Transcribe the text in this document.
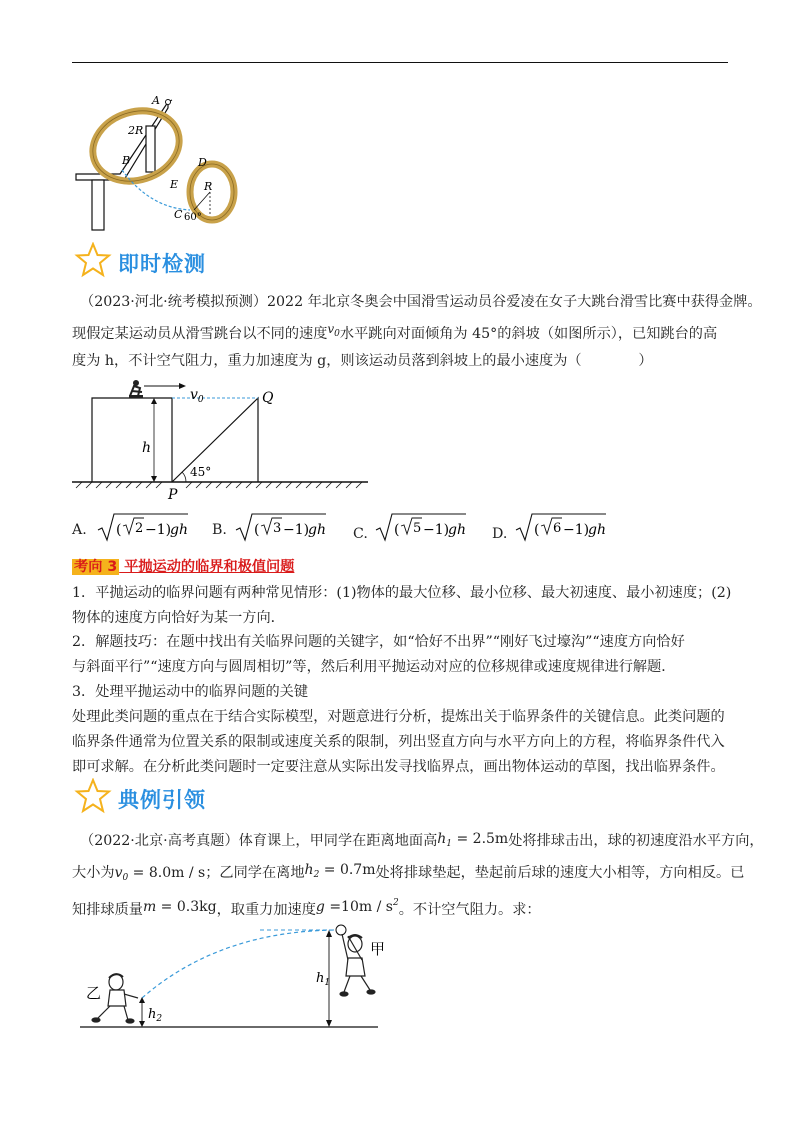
A
2R
B	D
E R
C 60°
即时检测
（2023·河北·统考模拟预测）2022 年北京冬奥会中国滑雪运动员谷爱凌在女子大跳台滑雪比赛中获得金牌。
现假定某运动员从滑雪跳台以不同的速度$^{v_0}$水平跳向对面倾角为 45°的斜坡（如图所示），已知跳台的高
度为 h，不计空气阻力，重力加速度为 g，则该运动员落到斜坡上的最小速度为（　　　　）
$v_0$	Q
h
45°
P
A. ( 2 −1)
gh B. ( 3 −1)
gh C. ( 5 −1)
gh D. ( 6 −1)
gh
考向 3 平抛运动的临界和极值问题
1．平抛运动的临界问题有两种常见情形：(1)物体的最大位移、最小位移、最大初速度、最小初速度；(2)
物体的速度方向恰好为某一方向．
2．解题技巧：在题中找出有关临界问题的关键字，如“恰好不出界”“刚好飞过壕沟”“速度方向恰好
与斜面平行”“速度方向与圆周相切”等，然后利用平抛运动对应的位移规律或速度规律进行解题．
3．处理平抛运动中的临界问题的关键
处理此类问题的重点在于结合实际模型，对题意进行分析，提炼出关于临界条件的关键信息。此类问题的
临界条件通常为位置关系的限制或速度关系的限制，列出竖直方向与水平方向上的方程，将临界条件代入
即可求解。在分析此类问题时一定要注意从实际出发寻找临界点，画出物体运动的草图，找出临界条件。
典例引领
（2022·北京·高考真题）体育课上，甲同学在距离地面高$h_1 = 2.5m$处将排球击出，球的初速度沿水平方向，
大小为$v_0 = 8.0m / s$；乙同学在离地$h_2 = 0.7m$处将排球垫起，垫起前后球的速度大小相等，方向相反。已
知排球质量m = 0.3kg，取重力加速度$g =10m / s^2$。不计空气阻力。求：
甲
乙
$h_1$
$h_2$
